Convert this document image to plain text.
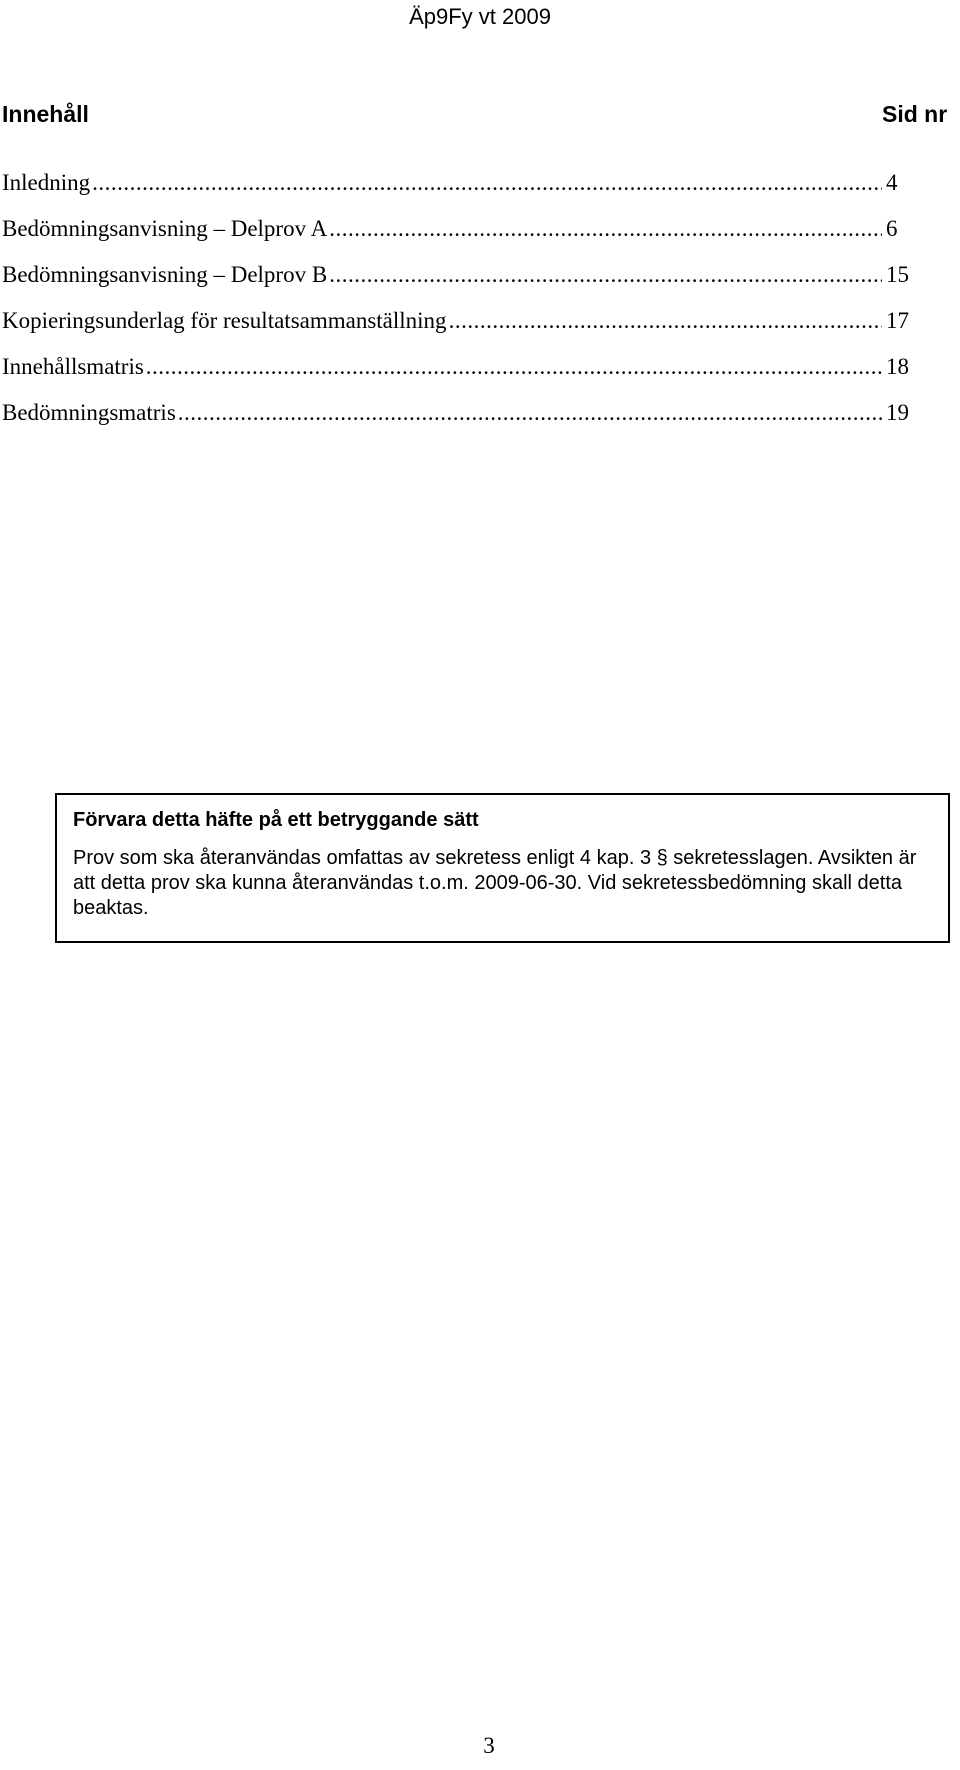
Äp9Fy vt 2009
Innehåll	Sid nr
Inledning .....	4
Bedömningsanvisning – Delprov A .....	6
Bedömningsanvisning – Delprov B .....	15
Kopieringsunderlag för resultatsammanställning .....	17
Innehållsmatris .....	18
Bedömningsmatris .....	19

Förvara detta häfte på ett betryggande sätt

Prov som ska återanvändas omfattas av sekretess enligt 4 kap. 3 § sekretesslagen. Avsikten är att detta prov ska kunna återanvändas t.o.m. 2009-06-30. Vid sekretessbedömning skall detta beaktas.

3
